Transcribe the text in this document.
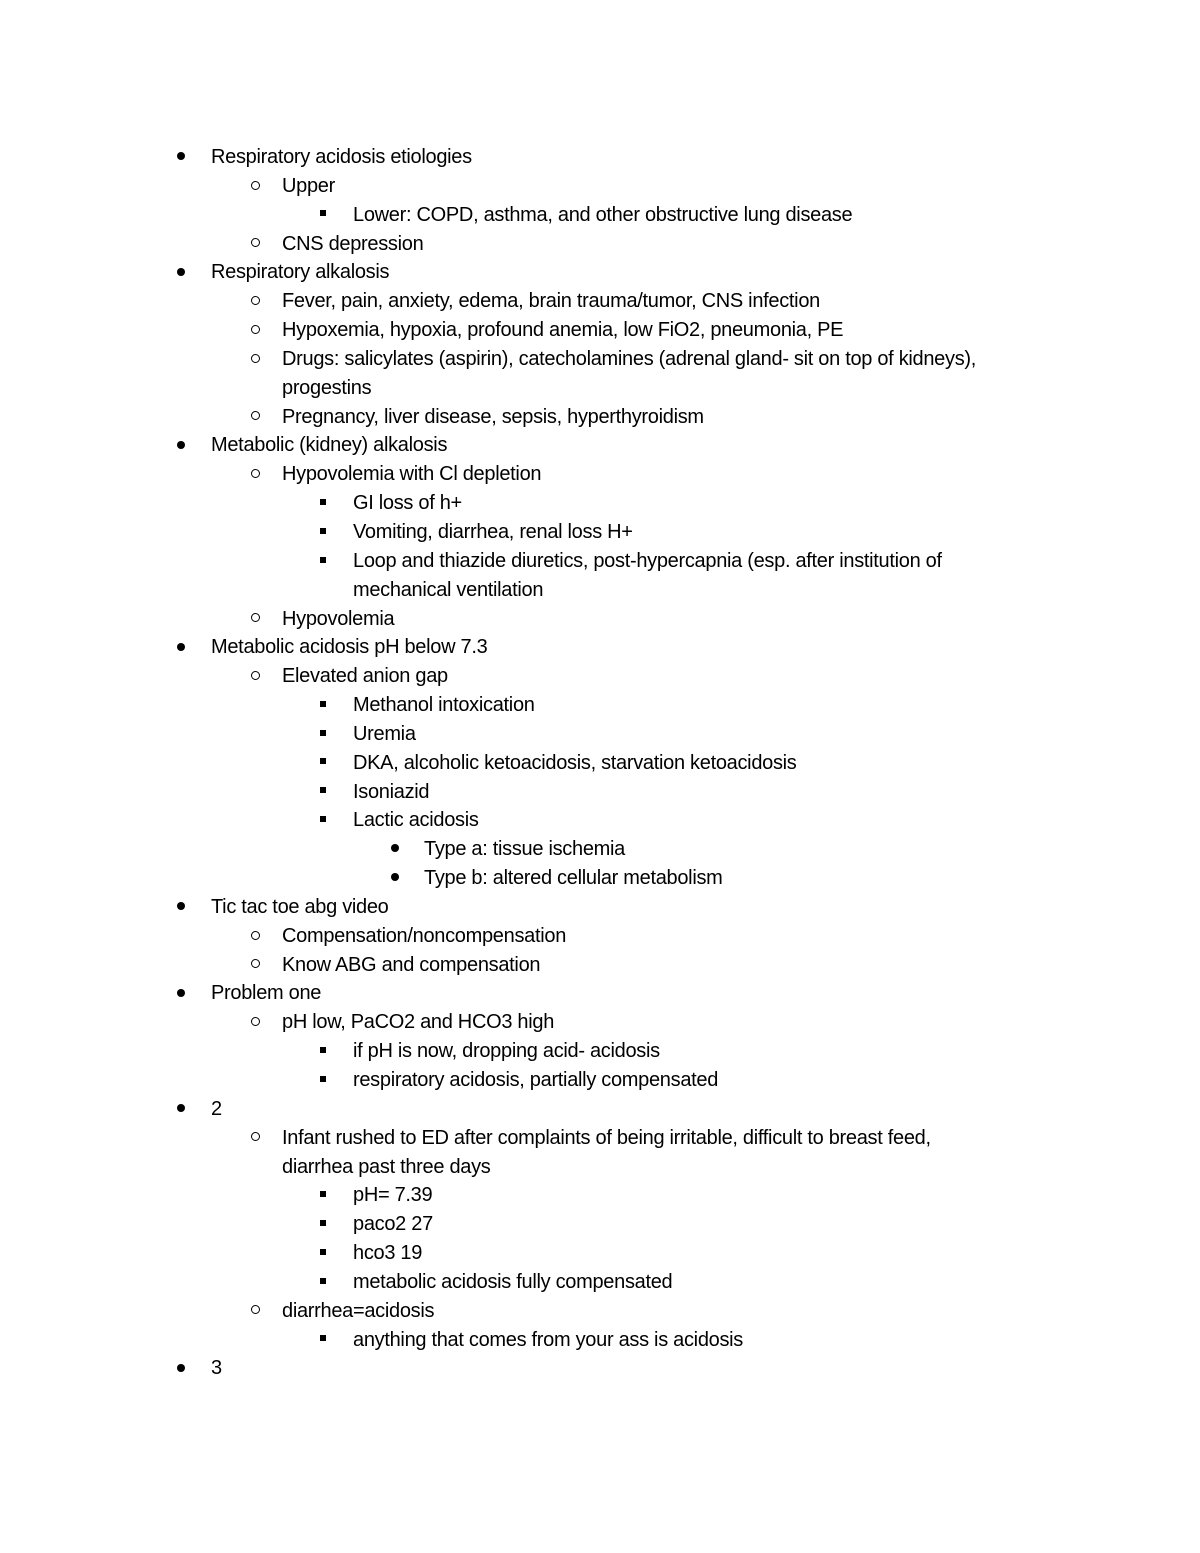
Respiratory acidosis etiologies
Upper
Lower: COPD, asthma, and other obstructive lung disease
CNS depression
Respiratory alkalosis
Fever, pain, anxiety, edema, brain trauma/tumor, CNS infection
Hypoxemia, hypoxia, profound anemia, low FiO2, pneumonia, PE
Drugs: salicylates (aspirin), catecholamines (adrenal gland- sit on top of kidneys),
progestins
Pregnancy, liver disease, sepsis, hyperthyroidism
Metabolic (kidney) alkalosis
Hypovolemia with Cl depletion
GI loss of h+
Vomiting, diarrhea, renal loss H+
Loop and thiazide diuretics, post-hypercapnia (esp. after institution of
mechanical ventilation
Hypovolemia
Metabolic acidosis pH below 7.3
Elevated anion gap
Methanol intoxication
Uremia
DKA, alcoholic ketoacidosis, starvation ketoacidosis
Isoniazid
Lactic acidosis
Type a: tissue ischemia
Type b: altered cellular metabolism
Tic tac toe abg video
Compensation/noncompensation
Know ABG and compensation
Problem one
pH low, PaCO2 and HCO3 high
if pH is now, dropping acid- acidosis
respiratory acidosis, partially compensated
2
Infant rushed to ED after complaints of being irritable, difficult to breast feed,
diarrhea past three days
pH= 7.39
paco2 27
hco3 19
metabolic acidosis fully compensated
diarrhea=acidosis
anything that comes from your ass is acidosis
3
